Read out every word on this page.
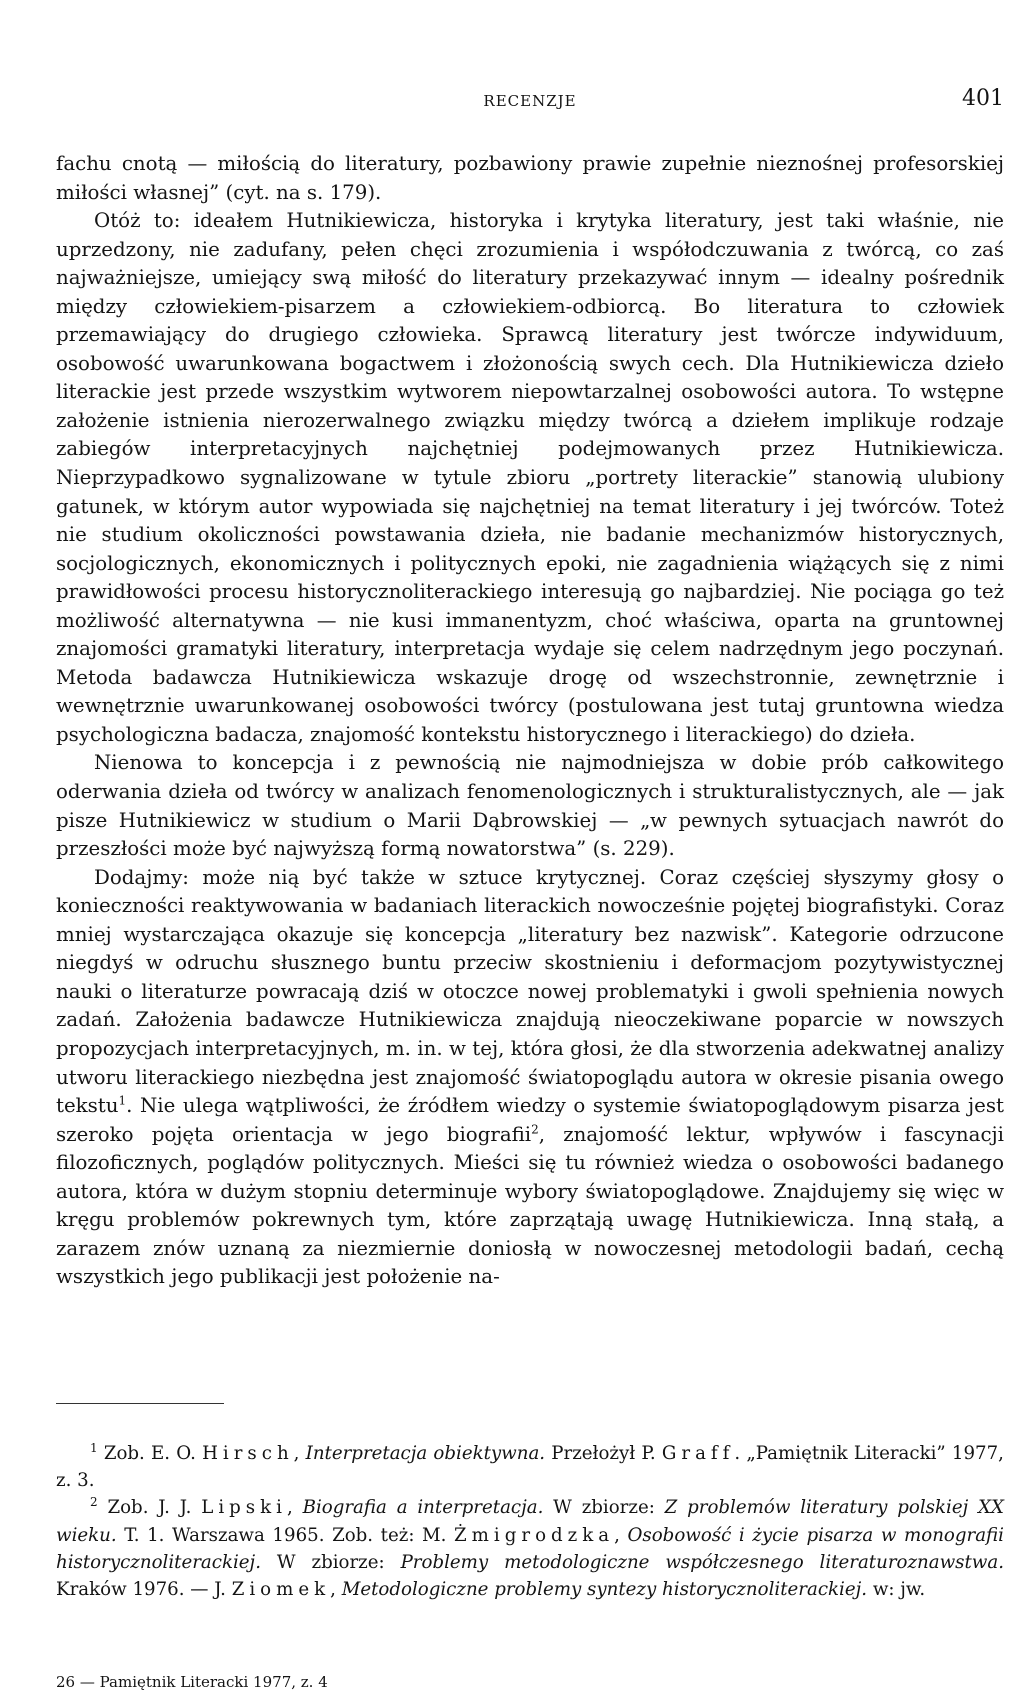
RECENZJE	401

fachu cnotą — miłością do literatury, pozbawiony prawie zupełnie nieznośnej profesorskiej miłości własnej” (cyt. na s. 179).

Otóż to: ideałem Hutnikiewicza, historyka i krytyka literatury, jest taki właśnie, nie uprzedzony, nie zadufany, pełen chęci zrozumienia i współodczuwania z twórcą, co zaś najważniejsze, umiejący swą miłość do literatury przekazywać innym — idealny pośrednik między człowiekiem-pisarzem a człowiekiem-odbiorcą. Bo literatura to człowiek przemawiający do drugiego człowieka. Sprawcą literatury jest twórcze indywiduum, osobowość uwarunkowana bogactwem i złożonością swych cech. Dla Hutnikiewicza dzieło literackie jest przede wszystkim wytworem niepowtarzalnej osobowości autora. To wstępne założenie istnienia nierozerwalnego związku między twórcą a dziełem implikuje rodzaje zabiegów interpretacyjnych najchętniej podejmowanych przez Hutnikiewicza. Nieprzypadkowo sygnalizowane w tytule zbioru „portrety literackie” stanowią ulubiony gatunek, w którym autor wypowiada się najchętniej na temat literatury i jej twórców. Toteż nie studium okoliczności powstawania dzieła, nie badanie mechanizmów historycznych, socjologicznych, ekonomicznych i politycznych epoki, nie zagadnienia wiążących się z nimi prawidłowości procesu historycznoliterackiego interesują go najbardziej. Nie pociąga go też możliwość alternatywna — nie kusi immanentyzm, choć właściwa, oparta na gruntownej znajomości gramatyki literatury, interpretacja wydaje się celem nadrzędnym jego poczynań. Metoda badawcza Hutnikiewicza wskazuje drogę od wszechstronnie, zewnętrznie i wewnętrznie uwarunkowanej osobowości twórcy (postulowana jest tutaj gruntowna wiedza psychologiczna badacza, znajomość kontekstu historycznego i literackiego) do dzieła.

Nienowa to koncepcja i z pewnością nie najmodniejsza w dobie prób całkowitego oderwania dzieła od twórcy w analizach fenomenologicznych i strukturalistycznych, ale — jak pisze Hutnikiewicz w studium o Marii Dąbrowskiej — „w pewnych sytuacjach nawrót do przeszłości może być najwyższą formą nowatorstwa” (s. 229).

Dodajmy: może nią być także w sztuce krytycznej. Coraz częściej słyszymy głosy o konieczności reaktywowania w badaniach literackich nowocześnie pojętej biografistyki. Coraz mniej wystarczająca okazuje się koncepcja „literatury bez nazwisk”. Kategorie odrzucone niegdyś w odruchu słusznego buntu przeciw skostnieniu i deformacjom pozytywistycznej nauki o literaturze powracają dziś w otoczce nowej problematyki i gwoli spełnienia nowych zadań. Założenia badawcze Hutnikiewicza znajdują nieoczekiwane poparcie w nowszych propozycjach interpretacyjnych, m. in. w tej, która głosi, że dla stworzenia adekwatnej analizy utworu literackiego niezbędna jest znajomość światopoglądu autora w okresie pisania owego tekstu$^1$. Nie ulega wątpliwości, że źródłem wiedzy o systemie światopoglądowym pisarza jest szeroko pojęta orientacja w jego biografii$^2$, znajomość lektur, wpływów i fascynacji filozoficznych, poglądów politycznych. Mieści się tu również wiedza o osobowości badanego autora, która w dużym stopniu determinuje wybory światopoglądowe. Znajdujemy się więc w kręgu problemów pokrewnych tym, które zaprzątają uwagę Hutnikiewicza. Inną stałą, a zarazem znów uznaną za niezmiernie doniosłą w nowoczesnej metodologii badań, cechą wszystkich jego publikacji jest położenie na-

$^1$ Zob. E. O. Hirsch, Interpretacja obiektywna. Przełożył P. Graff. „Pamiętnik Literacki” 1977, z. 3.

$^2$ Zob. J. J. Lipski, Biografia a interpretacja. W zbiorze: Z problemów literatury polskiej XX wieku. T. 1. Warszawa 1965. Zob. też: M. Żmigrodzka, Osobowość i życie pisarza w monografii historycznoliterackiej. W zbiorze: Problemy metodologiczne współczesnego literaturoznawstwa. Kraków 1976. — J. Ziomek, Metodologiczne problemy syntezy historycznoliterackiej. w: jw.

26 — Pamiętnik Literacki 1977, z. 4
